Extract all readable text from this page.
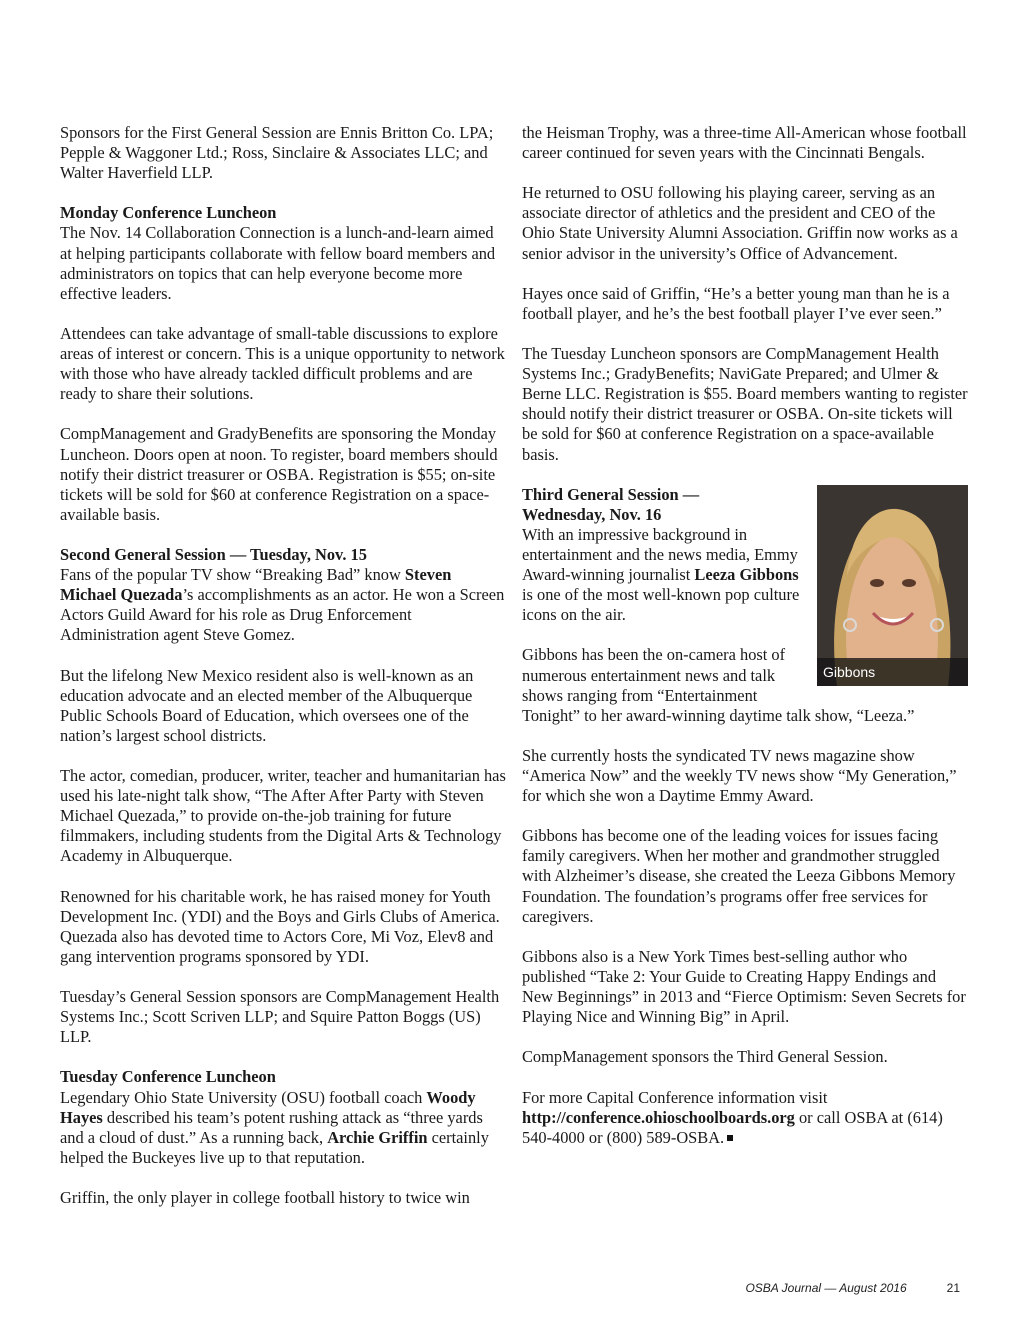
Sponsors for the First General Session are Ennis Britton Co. LPA; Pepple & Waggoner Ltd.; Ross, Sinclaire & Associates LLC; and Walter Haverfield LLP.

Monday Conference Luncheon
The Nov. 14 Collaboration Connection is a lunch-and-learn aimed at helping participants collaborate with fellow board members and administrators on topics that can help everyone become more effective leaders.

Attendees can take advantage of small-table discussions to explore areas of interest or concern. This is a unique opportunity to network with those who have already tackled difficult problems and are ready to share their solutions.

CompManagement and GradyBenefits are sponsoring the Monday Luncheon. Doors open at noon. To register, board members should notify their district treasurer or OSBA. Registration is $55; on-site tickets will be sold for $60 at conference Registration on a space-available basis.

Second General Session — Tuesday, Nov. 15
Fans of the popular TV show “Breaking Bad” know Steven Michael Quezada’s accomplishments as an actor. He won a Screen Actors Guild Award for his role as Drug Enforcement Administration agent Steve Gomez.

But the lifelong New Mexico resident also is well-known as an education advocate and an elected member of the Albuquerque Public Schools Board of Education, which oversees one of the nation’s largest school districts.

The actor, comedian, producer, writer, teacher and humanitarian has used his late-night talk show, “The After After Party with Steven Michael Quezada,” to provide on-the-job training for future filmmakers, including students from the Digital Arts & Technology Academy in Albuquerque.

Renowned for his charitable work, he has raised money for Youth Development Inc. (YDI) and the Boys and Girls Clubs of America. Quezada also has devoted time to Actors Core, Mi Voz, Elev8 and gang intervention programs sponsored by YDI.

Tuesday’s General Session sponsors are CompManagement Health Systems Inc.; Scott Scriven LLP; and Squire Patton Boggs (US) LLP.

Tuesday Conference Luncheon
Legendary Ohio State University (OSU) football coach Woody Hayes described his team’s potent rushing attack as “three yards and a cloud of dust.” As a running back, Archie Griffin certainly helped the Buckeyes live up to that reputation.

Griffin, the only player in college football history to twice win

the Heisman Trophy, was a three-time All-American whose football career continued for seven years with the Cincinnati Bengals.

He returned to OSU following his playing career, serving as an associate director of athletics and the president and CEO of the Ohio State University Alumni Association. Griffin now works as a senior advisor in the university’s Office of Advancement.

Hayes once said of Griffin, “He’s a better young man than he is a football player, and he’s the best football player I’ve ever seen.”

The Tuesday Luncheon sponsors are CompManagement Health Systems Inc.; GradyBenefits; NaviGate Prepared; and Ulmer & Berne LLC. Registration is $55. Board members wanting to register should notify their district treasurer or OSBA. On-site tickets will be sold for $60 at conference Registration on a space-available basis.

Gibbons

Third General Session —
Wednesday, Nov. 16
With an impressive background in entertainment and the news media, Emmy Award-winning journalist Leeza Gibbons is one of the most well-known pop culture icons on the air.

Gibbons has been the on-camera host of numerous entertainment news and talk shows ranging from “Entertainment Tonight” to her award-winning daytime talk show, “Leeza.”

She currently hosts the syndicated TV news magazine show “America Now” and the weekly TV news show “My Generation,” for which she won a Daytime Emmy Award.

Gibbons has become one of the leading voices for issues facing family caregivers. When her mother and grandmother struggled with Alzheimer’s disease, she created the Leeza Gibbons Memory Foundation. The foundation’s programs offer free services for caregivers.

Gibbons also is a New York Times best-selling author who published “Take 2: Your Guide to Creating Happy Endings and New Beginnings” in 2013 and “Fierce Optimism: Seven Secrets for Playing Nice and Winning Big” in April.

CompManagement sponsors the Third General Session.

For more Capital Conference information visit http://conference.ohioschoolboards.org or call OSBA at (614) 540-4000 or (800) 589-OSBA.

OSBA Journal — August 2016	21
